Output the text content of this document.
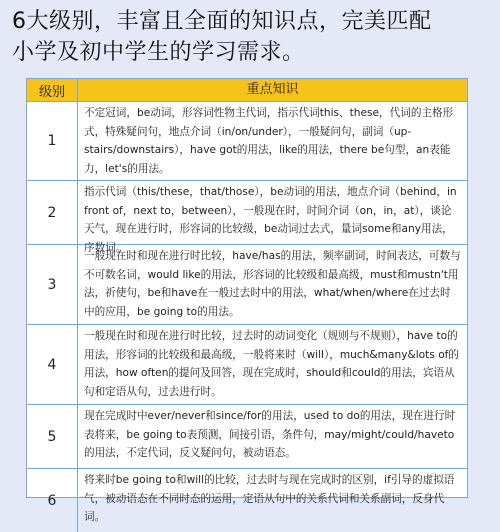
6大级别，丰富且全面的知识点，完美匹配
小学及初中学生的学习需求。
级别	重点知识
1
不定冠词，be动词，形容词性物主代词，指示代词this、these，代词的主格形式，特殊疑问句，地点介词（in/on/under），一般疑问句，副词（up-stairs/downstairs），have got的用法，like的用法，there be句型，an表能力，let's的用法。
2
指示代词（this/these，that/those），be动词的用法，地点介词（behind，in front of，next to，between），一般现在时，时间介词（on，in，at），谈论天气，现在进行时，形容词的比较级，be动词过去式，量词some和any用法，序数词。
3
一般现在时和现在进行时比较，have/has的用法，频率副词，时间表达，可数与不可数名词，would like的用法，形容词的比较级和最高级，must和mustn't用法，祈使句，be和have在一般过去时中的用法，what/when/where在过去时中的应用，be going to的用法。
4
一般现在时和现在进行时比较，过去时的动词变化（规则与不规则），have to的用法，形容词的比较级和最高级，一般将来时（will），much&many&lots of的用法，how often的提问及回答，现在完成时，should和could的用法，宾语从句和定语从句，过去进行时。
5
现在完成时中ever/never和since/for的用法，used to do的用法，现在进行时表将来，be going to表预测，间接引语，条件句，may/might/could/haveto的用法，不定代词，反义疑问句，被动语态。
6
将来时be going to和will的比较，过去时与现在完成时的区别，if引导的虚拟语气，被动语态在不同时态的运用，定语从句中的关系代词和关系副词，反身代词。
